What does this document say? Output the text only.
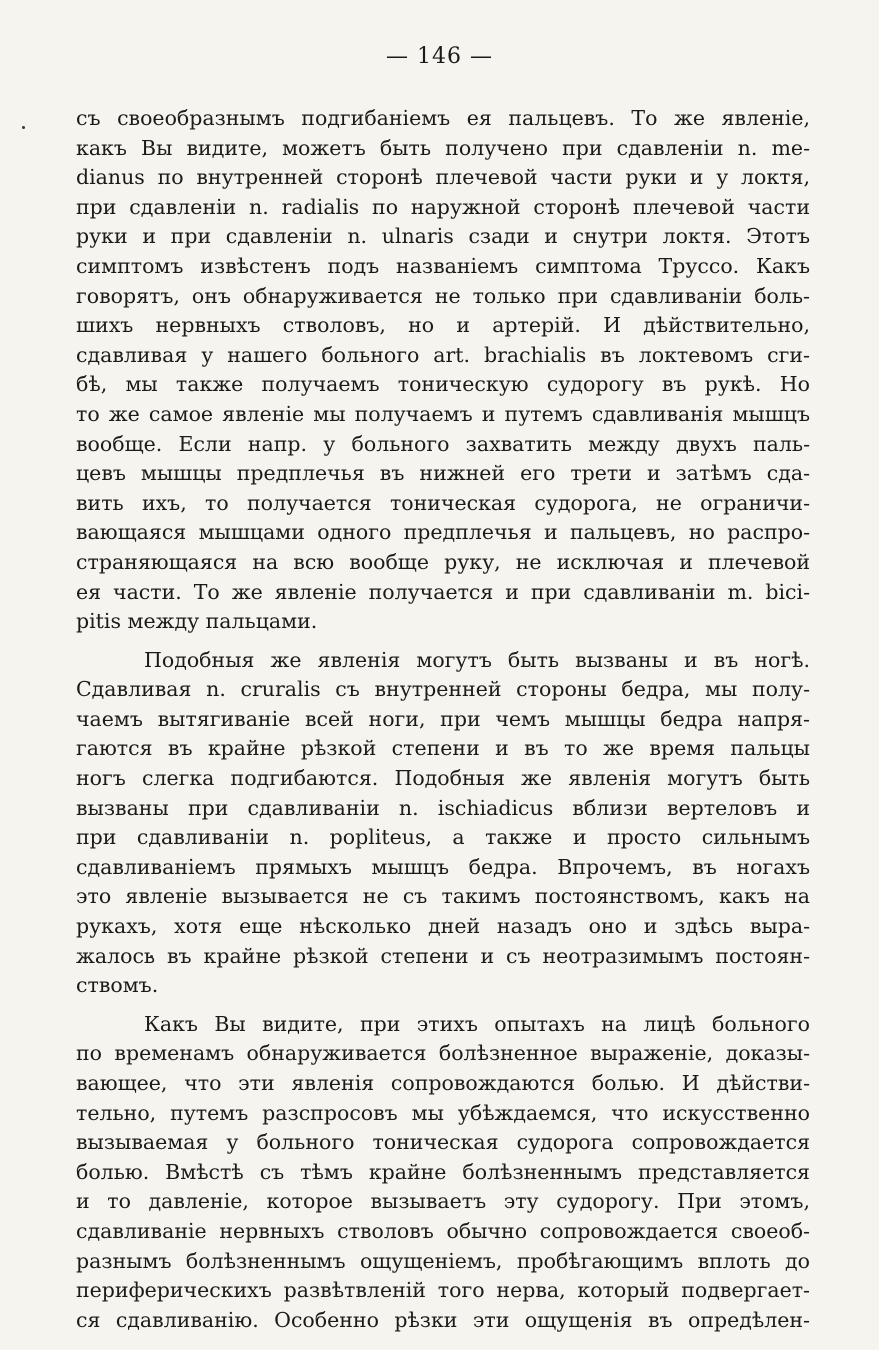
— 146 —
съ своеобразнымъ подгибаніемъ ея пальцевъ. То же явленіе,
какъ Вы видите, можетъ быть получено при сдавленіи n. me-
dianus по внутренней сторонѣ плечевой части руки и у локтя,
при сдавленіи n. radialis по наружной сторонѣ плечевой части
руки и при сдавленіи n. ulnaris сзади и снутри локтя. Этотъ
симптомъ извѣстенъ подъ названіемъ симптома Труссо. Какъ
говорятъ, онъ обнаруживается не только при сдавливаніи боль-
шихъ нервныхъ стволовъ, но и артерій. И дѣйствительно,
сдавливая у нашего больного art. brachialis въ локтевомъ сги-
бѣ, мы также получаемъ тоническую судорогу въ рукѣ. Но
то же самое явленіе мы получаемъ и путемъ сдавливанія мышцъ
вообще. Если напр. у больного захватить между двухъ паль-
цевъ мышцы предплечья въ нижней его трети и затѣмъ сда-
вить ихъ, то получается тоническая судорога, не ограничи-
вающаяся мышцами одного предплечья и пальцевъ, но распро-
страняющаяся на всю вообще руку, не исключая и плечевой
ея части. То же явленіе получается и при сдавливаніи m. bici-
pitis между пальцами.
Подобныя же явленія могутъ быть вызваны и въ ногѣ.
Сдавливая n. cruralis съ внутренней стороны бедра, мы полу-
чаемъ вытягиваніе всей ноги, при чемъ мышцы бедра напря-
гаются въ крайне рѣзкой степени и въ то же время пальцы
ногъ слегка подгибаются. Подобныя же явленія могутъ быть
вызваны при сдавливаніи n. ischiadicus вблизи вертеловъ и
при сдавливаніи n. popliteus, а также и просто сильнымъ
сдавливаніемъ прямыхъ мышцъ бедра. Впрочемъ, въ ногахъ
это явленіе вызывается не съ такимъ постоянствомъ, какъ на
рукахъ, хотя еще нѣсколько дней назадъ оно и здѣсь выра-
жалось въ крайне рѣзкой степени и съ неотразимымъ постоян-
ствомъ.
Какъ Вы видите, при этихъ опытахъ на лицѣ больного
по временамъ обнаруживается болѣзненное выраженіе, доказы-
вающее, что эти явленія сопровождаются болью. И дѣйстви-
тельно, путемъ разспросовъ мы убѣждаемся, что искусственно
вызываемая у больного тоническая судорога сопровождается
болью. Вмѣстѣ съ тѣмъ крайне болѣзненнымъ представляется
и то давленіе, которое вызываетъ эту судорогу. При этомъ,
сдавливаніе нервныхъ стволовъ обычно сопровождается своеоб-
разнымъ болѣзненнымъ ощущеніемъ, пробѣгающимъ вплоть до
периферическихъ развѣтвленій того нерва, который подвергает-
ся сдавливанію. Особенно рѣзки эти ощущенія въ опредѣлен-
